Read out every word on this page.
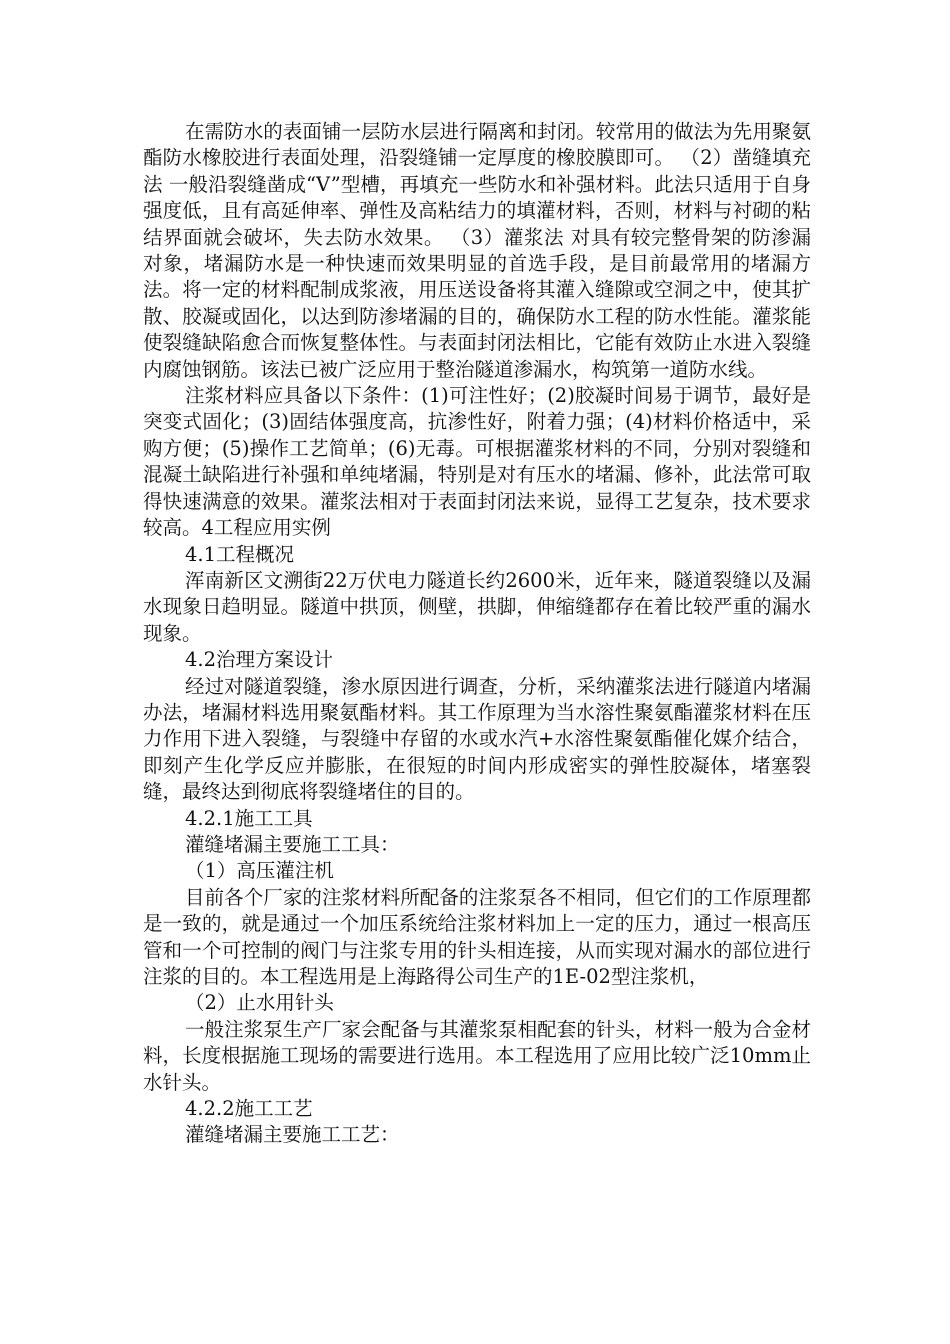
在需防水的表面铺一层防水层进行隔离和封闭。较常用的做法为先用聚氨酯防水橡胶进行表面处理，沿裂缝铺一定厚度的橡胶膜即可。 （2）凿缝填充法 一般沿裂缝凿成“V”型槽，再填充一些防水和补强材料。此法只适用于自身强度低，且有高延伸率、弹性及高粘结力的填灌材料，否则，材料与衬砌的粘结界面就会破坏，失去防水效果。 （3）灌浆法 对具有较完整骨架的防渗漏对象，堵漏防水是一种快速而效果明显的首选手段，是目前最常用的堵漏方法。将一定的材料配制成浆液，用压送设备将其灌入缝隙或空洞之中，使其扩散、胶凝或固化，以达到防渗堵漏的目的，确保防水工程的防水性能。灌浆能使裂缝缺陷愈合而恢复整体性。与表面封闭法相比，它能有效防止水进入裂缝内腐蚀钢筋。该法已被广泛应用于整治隧道渗漏水，构筑第一道防水线。

注浆材料应具备以下条件：(1)可注性好；(2)胶凝时间易于调节，最好是突变式固化；(3)固结体强度高，抗渗性好，附着力强；(4)材料价格适中，采购方便；(5)操作工艺简单；(6)无毒。可根据灌浆材料的不同，分别对裂缝和混凝土缺陷进行补强和单纯堵漏，特别是对有压水的堵漏、修补，此法常可取得快速满意的效果。灌浆法相对于表面封闭法来说，显得工艺复杂，技术要求较高。4工程应用实例

4.1工程概况

浑南新区文溯街22万伏电力隧道长约2600米，近年来，隧道裂缝以及漏水现象日趋明显。隧道中拱顶，侧壁，拱脚，伸缩缝都存在着比较严重的漏水现象。

4.2治理方案设计

经过对隧道裂缝，渗水原因进行调查，分析，采纳灌浆法进行隧道内堵漏办法，堵漏材料选用聚氨酯材料。其工作原理为当水溶性聚氨酯灌浆材料在压力作用下进入裂缝，与裂缝中存留的水或水汽+水溶性聚氨酯催化媒介结合，即刻产生化学反应并膨胀，在很短的时间内形成密实的弹性胶凝体，堵塞裂缝，最终达到彻底将裂缝堵住的目的。

4.2.1施工工具

灌缝堵漏主要施工工具：

（1）高压灌注机

目前各个厂家的注浆材料所配备的注浆泵各不相同，但它们的工作原理都是一致的，就是通过一个加压系统给注浆材料加上一定的压力，通过一根高压管和一个可控制的阀门与注浆专用的针头相连接，从而实现对漏水的部位进行注浆的目的。本工程选用是上海路得公司生产的1E-02型注浆机，

（2）止水用针头

一般注浆泵生产厂家会配备与其灌浆泵相配套的针头，材料一般为合金材料，长度根据施工现场的需要进行选用。本工程选用了应用比较广泛10mm止水针头。

4.2.2施工工艺

灌缝堵漏主要施工工艺：
